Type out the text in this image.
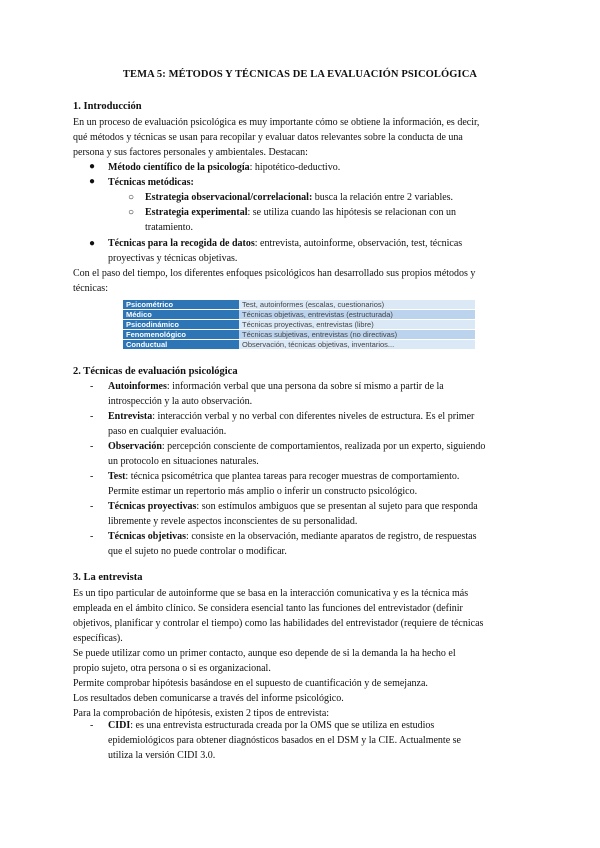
TEMA 5: MÉTODOS Y TÉCNICAS DE LA EVALUACIÓN PSICOLÓGICA
1. Introducción
En un proceso de evaluación psicológica es muy importante cómo se obtiene la información, es decir,
qué métodos y técnicas se usan para recopilar y evaluar datos relevantes sobre la conducta de una
persona y sus factores personales y ambientales. Destacan:
● Método científico de la psicología: hipotético-deductivo.
● Técnicas metódicas:
○ Estrategia observacional/correlacional: busca la relación entre 2 variables.
○ Estrategia experimental: se utiliza cuando las hipótesis se relacionan con un
tratamiento.
● Técnicas para la recogida de datos: entrevista, autoinforme, observación, test, técnicas
proyectivas y técnicas objetivas.
Con el paso del tiempo, los diferentes enfoques psicológicos han desarrollado sus propios métodos y
técnicas:
Psicométrico	Test, autoinformes (escalas, cuestionarios)
Médico	Técnicas objetivas, entrevistas (estructurada)
Psicodinámico	Técnicas proyectivas, entrevistas (libre)
Fenomenológico	Técnicas subjetivas, entrevistas (no directivas)
Conductual	Observación, técnicas objetivas, inventarios...
2. Técnicas de evaluación psicológica
- Autoinformes: información verbal que una persona da sobre sí mismo a partir de la
introspección y la auto observación.
- Entrevista: interacción verbal y no verbal con diferentes niveles de estructura. Es el primer
paso en cualquier evaluación.
- Observación: percepción consciente de comportamientos, realizada por un experto, siguiendo
un protocolo en situaciones naturales.
- Test: técnica psicométrica que plantea tareas para recoger muestras de comportamiento.
Permite estimar un repertorio más amplio o inferir un constructo psicológico.
- Técnicas proyectivas: son estímulos ambiguos que se presentan al sujeto para que responda
libremente y revele aspectos inconscientes de su personalidad.
- Técnicas objetivas: consiste en la observación, mediante aparatos de registro, de respuestas
que el sujeto no puede controlar o modificar.
3. La entrevista
Es un tipo particular de autoinforme que se basa en la interacción comunicativa y es la técnica más
empleada en el ámbito clínico. Se considera esencial tanto las funciones del entrevistador (definir
objetivos, planificar y controlar el tiempo) como las habilidades del entrevistador (requiere de técnicas
específicas).
Se puede utilizar como un primer contacto, aunque eso depende de si la demanda la ha hecho el
propio sujeto, otra persona o si es organizacional.
Permite comprobar hipótesis basándose en el supuesto de cuantificación y de semejanza.
Los resultados deben comunicarse a través del informe psicológico.
Para la comprobación de hipótesis, existen 2 tipos de entrevista:
- CIDI: es una entrevista estructurada creada por la OMS que se utiliza en estudios
epidemiológicos para obtener diagnósticos basados en el DSM y la CIE. Actualmente se
utiliza la versión CIDI 3.0.
